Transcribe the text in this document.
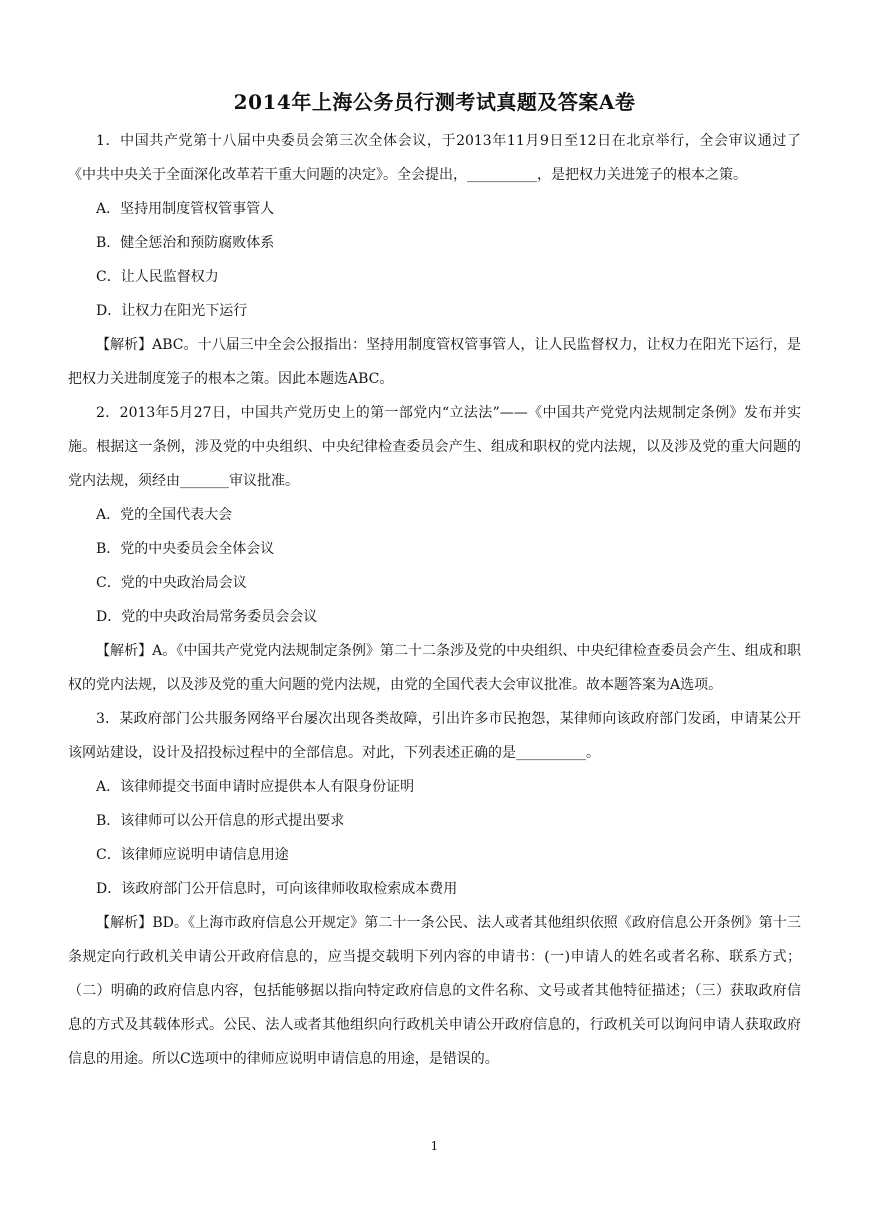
2014年上海公务员行测考试真题及答案A卷

1．中国共产党第十八届中央委员会第三次全体会议，于2013年11月9日至12日在北京举行，全会审议通过了《中共中央关于全面深化改革若干重大问题的决定》。全会提出，__________，是把权力关进笼子的根本之策。

A．坚持用制度管权管事管人

B．健全惩治和预防腐败体系

C．让人民监督权力

D．让权力在阳光下运行

【解析】ABC。十八届三中全会公报指出：坚持用制度管权管事管人，让人民监督权力，让权力在阳光下运行，是把权力关进制度笼子的根本之策。因此本题选ABC。

2．2013年5月27日，中国共产党历史上的第一部党内“立法法”——《中国共产党党内法规制定条例》发布并实施。根据这一条例，涉及党的中央组织、中央纪律检查委员会产生、组成和职权的党内法规，以及涉及党的重大问题的党内法规，须经由_______审议批准。

A．党的全国代表大会

B．党的中央委员会全体会议

C．党的中央政治局会议

D．党的中央政治局常务委员会会议

【解析】A。《中国共产党党内法规制定条例》第二十二条涉及党的中央组织、中央纪律检查委员会产生、组成和职权的党内法规，以及涉及党的重大问题的党内法规，由党的全国代表大会审议批准。故本题答案为A选项。

3．某政府部门公共服务网络平台屡次出现各类故障，引出许多市民抱怨，某律师向该政府部门发函，申请某公开该网站建设，设计及招投标过程中的全部信息。对此，下列表述正确的是__________。

A．该律师提交书面申请时应提供本人有限身份证明

B．该律师可以公开信息的形式提出要求

C．该律师应说明申请信息用途

D．该政府部门公开信息时，可向该律师收取检索成本费用

【解析】BD。《上海市政府信息公开规定》第二十一条公民、法人或者其他组织依照《政府信息公开条例》第十三条规定向行政机关申请公开政府信息的，应当提交载明下列内容的申请书：(一)申请人的姓名或者名称、联系方式；（二）明确的政府信息内容，包括能够据以指向特定政府信息的文件名称、文号或者其他特征描述；（三）获取政府信息的方式及其载体形式。公民、法人或者其他组织向行政机关申请公开政府信息的，行政机关可以询问申请人获取政府信息的用途。所以C选项中的律师应说明申请信息的用途，是错误的。

1
